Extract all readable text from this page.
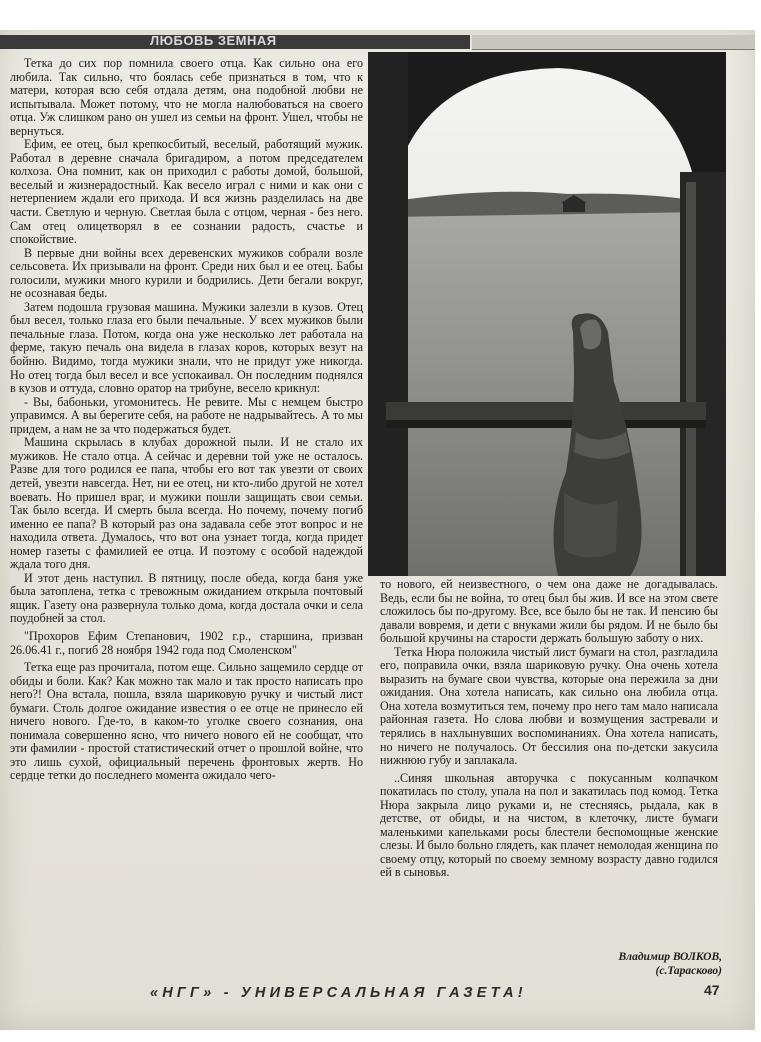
ЛЮБОВЬ ЗЕМНАЯ

Тетка до сих пор помнила своего отца. Как сильно она его любила. Так сильно, что боялась себе признаться в том, что к матери, которая всю себя отдала детям, она подобной любви не испытывала. Может потому, что не могла налюбоваться на своего отца. Уж слишком рано он ушел из семьи на фронт. Ушел, чтобы не вернуться.

Ефим, ее отец, был крепкосбитый, веселый, работящий мужик. Работал в деревне сначала бригадиром, а потом председателем колхоза. Она помнит, как он приходил с работы домой, большой, веселый и жизнерадостный. Как весело играл с ними и как они с нетерпением ждали его прихода. И вся жизнь разделилась на две части. Светлую и черную. Светлая была с отцом, черная - без него. Сам отец олицетворял в ее сознании радость, счастье и спокойствие.

В первые дни войны всех деревенских мужиков собрали возле сельсовета. Их призывали на фронт. Среди них был и ее отец. Бабы голосили, мужики много курили и бодрились. Дети бегали вокруг, не осознавая беды.

Затем подошла грузовая машина. Мужики залезли в кузов. Отец был весел, только глаза его были печальные. У всех мужиков были печальные глаза. Потом, когда она уже несколько лет работала на ферме, такую печаль она видела в глазах коров, которых везут на бойню. Видимо, тогда мужики знали, что не придут уже никогда. Но отец тогда был весел и все успокаивал. Он последним поднялся в кузов и оттуда, словно оратор на трибуне, весело крикнул:

- Вы, бабоньки, угомонитесь. Не ревите. Мы с немцем быстро управимся. А вы берегите себя, на работе не надрывайтесь. А то мы придем, а нам не за что подержаться будет.

Машина скрылась в клубах дорожной пыли. И не стало их мужиков. Не стало отца. А сейчас и деревни той уже не осталось. Разве для того родился ее папа, чтобы его вот так увезти от своих детей, увезти навсегда. Нет, ни ее отец, ни кто-либо другой не хотел воевать. Но пришел враг, и мужики пошли защищать свои семьи. Так было всегда. И смерть была всегда. Но почему, почему погиб именно ее папа? В который раз она задавала себе этот вопрос и не находила ответа. Думалось, что вот она узнает тогда, когда придет номер газеты с фамилией ее отца. И поэтому с особой надеждой ждала того дня.

И этот день наступил. В пятницу, после обеда, когда баня уже была затоплена, тетка с тревожным ожиданием открыла почтовый ящик. Газету она развернула только дома, когда достала очки и села поудобней за стол.

"Прохоров Ефим Степанович, 1902 г.р., старшина, призван 26.06.41 г., погиб 28 ноября 1942 года под Смоленском"

Тетка еще раз прочитала, потом еще. Сильно защемило сердце от обиды и боли. Как? Как можно так мало и так просто написать про него?! Она встала, пошла, взяла шариковую ручку и чистый лист бумаги. Столь долгое ожидание известия о ее отце не принесло ей ничего нового. Где-то, в каком-то уголке своего сознания, она понимала совершенно ясно, что ничего нового ей не сообщат, что эти фамилии - простой статистический отчет о прошлой войне, что это лишь сухой, официальный перечень фронтовых жертв. Но сердце тетки до последнего момента ожидало чего-

то нового, ей неизвестного, о чем она даже не догадывалась. Ведь, если бы не война, то отец был бы жив. И все на этом свете сложилось бы по-другому. Все, все было бы не так. И пенсию бы давали вовремя, и дети с внуками жили бы рядом. И не было бы большой кручины на старости держать большую заботу о них.

Тетка Нюра положила чистый лист бумаги на стол, разгладила его, поправила очки, взяла шариковую ручку. Она очень хотела выразить на бумаге свои чувства, которые она пережила за дни ожидания. Она хотела написать, как сильно она любила отца. Она хотела возмутиться тем, почему про него там мало написала районная газета. Но слова любви и возмущения застревали и терялись в нахлынувших воспоминаниях. Она хотела написать, но ничего не получалось. От бессилия она по-детски закусила нижнюю губу и заплакала.

..Синяя школьная авторучка с покусанным колпачком покатилась по столу, упала на пол и закатилась под комод. Тетка Нюра закрыла лицо руками и, не стесняясь, рыдала, как в детстве, от обиды, и на чистом, в клеточку, листе бумаги маленькими капельками росы блестели беспомощные женские слезы. И было больно глядеть, как плачет немолодая женщина по своему отцу, который по своему земному возрасту давно годился ей в сыновья.

Владимир ВОЛКОВ,
(с.Тарасково)
«НГГ» - УНИВЕРСАЛЬНАЯ ГАЗЕТА!	47
